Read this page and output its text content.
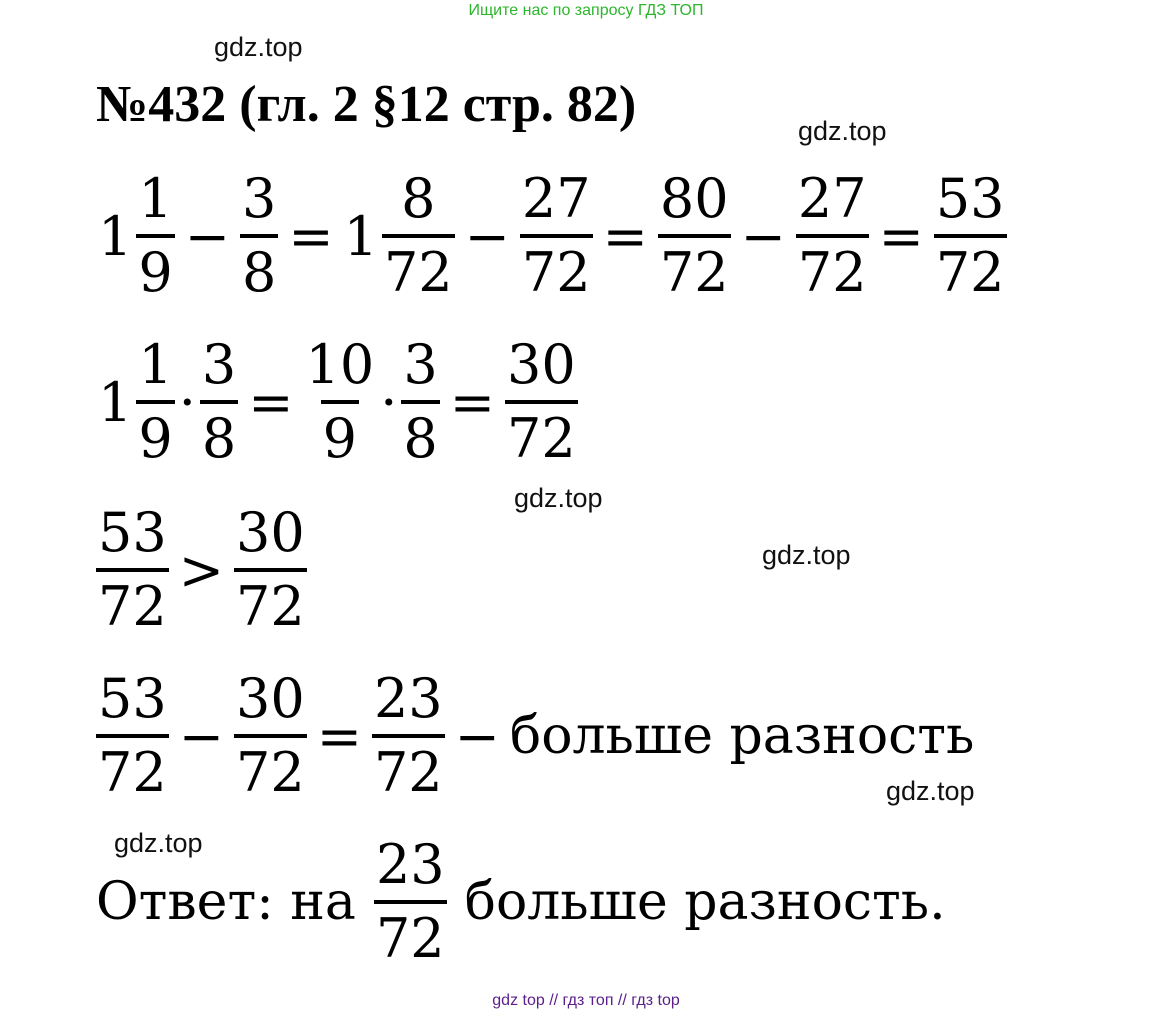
Ищите нас по запросу ГДЗ ТОП
gdz.top
gdz.top
gdz.top
gdz.top
gdz.top
gdz.top
№432 (гл. 2 §12 стр. 82)
$1 \frac{1}{9} - \frac{3}{8} = 1 \frac{8}{72} - \frac{27}{72} = \frac{80}{72} - \frac{27}{72} = \frac{53}{72}$
$1 \frac{1}{9} \cdot \frac{3}{8} = \frac{10}{9} \cdot \frac{3}{8} = \frac{30}{72}$
$\frac{53}{72} > \frac{30}{72}$
$\frac{53}{72} - \frac{30}{72} = \frac{23}{72}$ − больше разность
Ответ: на $\frac{23}{72}$ больше разность.
gdz top // гдз топ // гдз top
